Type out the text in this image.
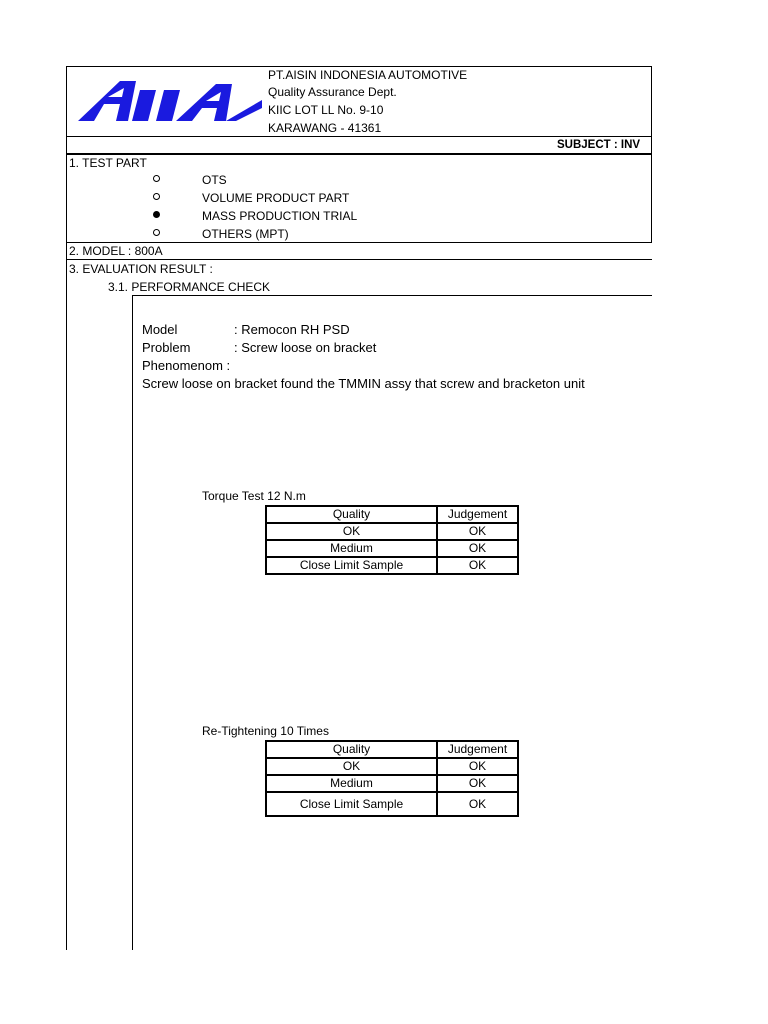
PT.AISIN INDONESIA AUTOMOTIVE
Quality Assurance Dept.
KIIC LOT LL No. 9-10
KARAWANG - 41361
SUBJECT : INV
1. TEST PART
OTS
VOLUME PRODUCT PART
MASS PRODUCTION TRIAL
OTHERS (MPT)
2. MODEL : 800A
3. EVALUATION RESULT :
3.1. PERFORMANCE CHECK
Model	: Remocon RH PSD
Problem	: Screw loose on bracket
Phenomenom :
Screw loose on bracket found the TMMIN assy that screw and bracketon unit
Torque Test 12 N.m
Quality	Judgement
OK	OK
Medium	OK
Close Limit Sample	OK
Re-Tightening 10 Times
Quality	Judgement
OK	OK
Medium	OK
Close Limit Sample	OK
